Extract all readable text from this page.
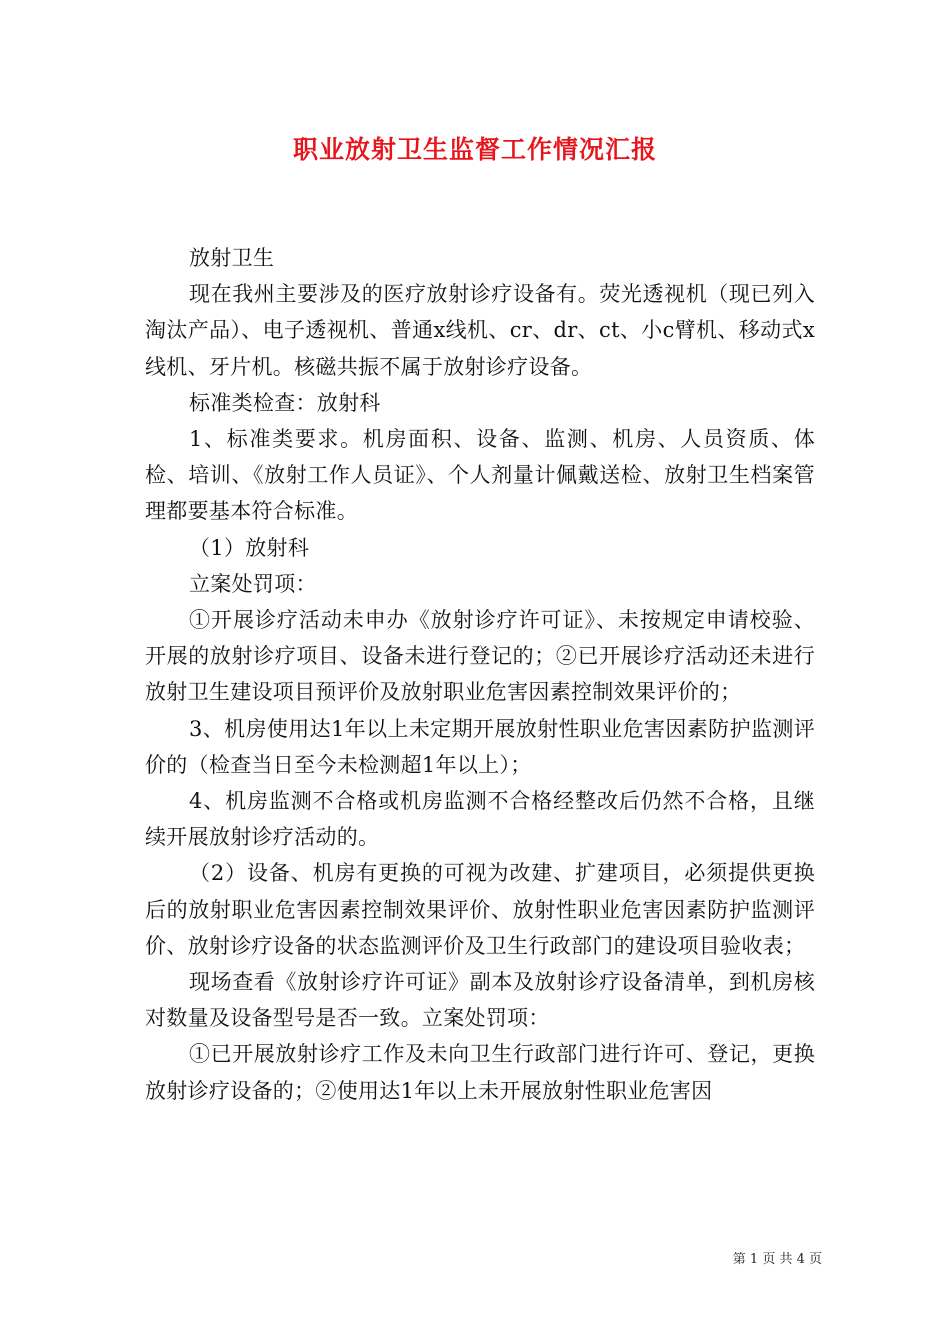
职业放射卫生监督工作情况汇报

放射卫生

现在我州主要涉及的医疗放射诊疗设备有。荧光透视机（现已列入淘汰产品）、电子透视机、普通x线机、cr、dr、ct、小c臂机、移动式x线机、牙片机。核磁共振不属于放射诊疗设备。

标准类检查：放射科

1、标准类要求。机房面积、设备、监测、机房、人员资质、体检、培训、《放射工作人员证》、个人剂量计佩戴送检、放射卫生档案管理都要基本符合标准。

（1）放射科

立案处罚项：

①开展诊疗活动未申办《放射诊疗许可证》、未按规定申请校验、开展的放射诊疗项目、设备未进行登记的；②已开展诊疗活动还未进行放射卫生建设项目预评价及放射职业危害因素控制效果评价的；

3、机房使用达1年以上未定期开展放射性职业危害因素防护监测评价的（检查当日至今未检测超1年以上）；

4、机房监测不合格或机房监测不合格经整改后仍然不合格，且继续开展放射诊疗活动的。

（2）设备、机房有更换的可视为改建、扩建项目，必须提供更换后的放射职业危害因素控制效果评价、放射性职业危害因素防护监测评价、放射诊疗设备的状态监测评价及卫生行政部门的建设项目验收表；

现场查看《放射诊疗许可证》副本及放射诊疗设备清单，到机房核对数量及设备型号是否一致。立案处罚项：

①已开展放射诊疗工作及未向卫生行政部门进行许可、登记，更换放射诊疗设备的；②使用达1年以上未开展放射性职业危害因

第 1 页 共 4 页
